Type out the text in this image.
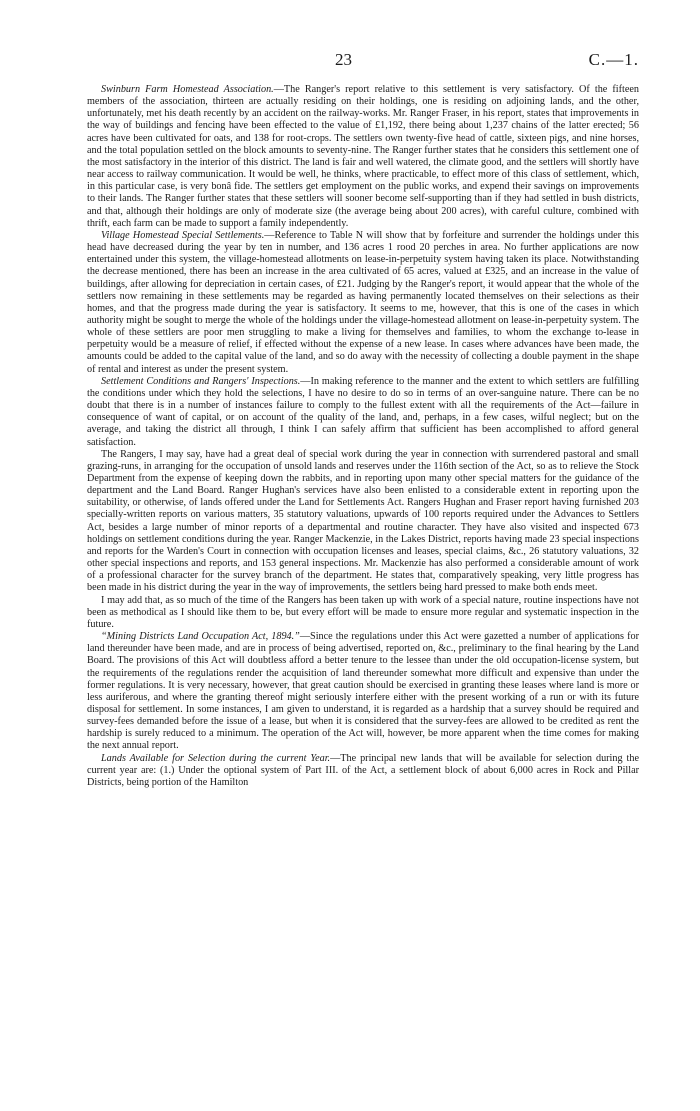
23	C.—1.

Swinburn Farm Homestead Association.—The Ranger's report relative to this settlement is very satisfactory. Of the fifteen members of the association, thirteen are actually residing on their holdings, one is residing on adjoining lands, and the other, unfortunately, met his death recently by an accident on the railway-works. Mr. Ranger Fraser, in his report, states that improvements in the way of buildings and fencing have been effected to the value of £1,192, there being about 1,237 chains of the latter erected; 56 acres have been cultivated for oats, and 138 for root-crops. The settlers own twenty-five head of cattle, sixteen pigs, and nine horses, and the total population settled on the block amounts to seventy-nine. The Ranger further states that he considers this settlement one of the most satisfactory in the interior of this district. The land is fair and well watered, the climate good, and the settlers will shortly have near access to railway communication. It would be well, he thinks, where practicable, to effect more of this class of settlement, which, in this particular case, is very bonâ fide. The settlers get employment on the public works, and expend their savings on improvements to their lands. The Ranger further states that these settlers will sooner become self-supporting than if they had settled in bush districts, and that, although their holdings are only of moderate size (the average being about 200 acres), with careful culture, combined with thrift, each farm can be made to support a family independently.

Village Homestead Special Settlements.—Reference to Table N will show that by forfeiture and surrender the holdings under this head have decreased during the year by ten in number, and 136 acres 1 rood 20 perches in area. No further applications are now entertained under this system, the village-homestead allotments on lease-in-perpetuity system having taken its place. Notwithstanding the decrease mentioned, there has been an increase in the area cultivated of 65 acres, valued at £325, and an increase in the value of buildings, after allowing for depreciation in certain cases, of £21. Judging by the Ranger's report, it would appear that the whole of the settlers now remaining in these settlements may be regarded as having permanently located themselves on their selections as their homes, and that the progress made during the year is satisfactory. It seems to me, however, that this is one of the cases in which authority might be sought to merge the whole of the holdings under the village-homestead allotment on lease-in-perpetuity system. The whole of these settlers are poor men struggling to make a living for themselves and families, to whom the exchange to-lease in perpetuity would be a measure of relief, if effected without the expense of a new lease. In cases where advances have been made, the amounts could be added to the capital value of the land, and so do away with the necessity of collecting a double payment in the shape of rental and interest as under the present system.

Settlement Conditions and Rangers' Inspections.—In making reference to the manner and the extent to which settlers are fulfilling the conditions under which they hold the selections, I have no desire to do so in terms of an over-sanguine nature. There can be no doubt that there is in a number of instances failure to comply to the fullest extent with all the requirements of the Act—failure in consequence of want of capital, or on account of the quality of the land, and, perhaps, in a few cases, wilful neglect; but on the average, and taking the district all through, I think I can safely affirm that sufficient has been accomplished to afford general satisfaction.

The Rangers, I may say, have had a great deal of special work during the year in connection with surrendered pastoral and small grazing-runs, in arranging for the occupation of unsold lands and reserves under the 116th section of the Act, so as to relieve the Stock Department from the expense of keeping down the rabbits, and in reporting upon many other special matters for the guidance of the department and the Land Board. Ranger Hughan's services have also been enlisted to a considerable extent in reporting upon the suitability, or otherwise, of lands offered under the Land for Settlements Act. Rangers Hughan and Fraser report having furnished 203 specially-written reports on various matters, 35 statutory valuations, upwards of 100 reports required under the Advances to Settlers Act, besides a large number of minor reports of a departmental and routine character. They have also visited and inspected 673 holdings on settlement conditions during the year. Ranger Mackenzie, in the Lakes District, reports having made 23 special inspections and reports for the Warden's Court in connection with occupation licenses and leases, special claims, &c., 26 statutory valuations, 32 other special inspections and reports, and 153 general inspections. Mr. Mackenzie has also performed a considerable amount of work of a professional character for the survey branch of the department. He states that, comparatively speaking, very little progress has been made in his district during the year in the way of improvements, the settlers being hard pressed to make both ends meet.

I may add that, as so much of the time of the Rangers has been taken up with work of a special nature, routine inspections have not been as methodical as I should like them to be, but every effort will be made to ensure more regular and systematic inspection in the future.

“Mining Districts Land Occupation Act, 1894.”—Since the regulations under this Act were gazetted a number of applications for land thereunder have been made, and are in process of being advertised, reported on, &c., preliminary to the final hearing by the Land Board. The provisions of this Act will doubtless afford a better tenure to the lessee than under the old occupation-license system, but the requirements of the regulations render the acquisition of land thereunder somewhat more difficult and expensive than under the former regulations. It is very necessary, however, that great caution should be exercised in granting these leases where land is more or less auriferous, and where the granting thereof might seriously interfere either with the present working of a run or with its future disposal for settlement. In some instances, I am given to understand, it is regarded as a hardship that a survey should be required and survey-fees demanded before the issue of a lease, but when it is considered that the survey-fees are allowed to be credited as rent the hardship is surely reduced to a minimum. The operation of the Act will, however, be more apparent when the time comes for making the next annual report.

Lands Available for Selection during the current Year.—The principal new lands that will be available for selection during the current year are: (1.) Under the optional system of Part III. of the Act, a settlement block of about 6,000 acres in Rock and Pillar Districts, being portion of the Hamilton
